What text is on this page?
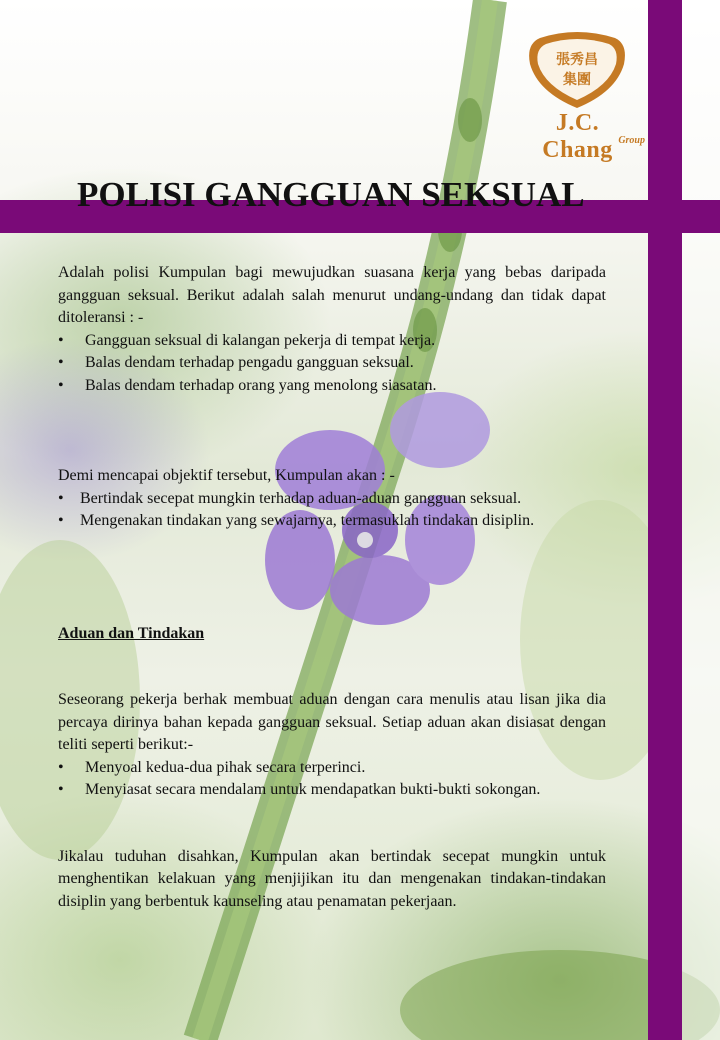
張秀昌
集團
J.C. Chang Group
POLISI GANGGUAN SEKSUAL

Adalah polisi Kumpulan bagi mewujudkan suasana kerja yang bebas daripada gangguan seksual. Berikut adalah salah menurut undang-undang dan tidak dapat ditoleransi : -

• Gangguan seksual di kalangan pekerja di tempat kerja.
• Balas dendam terhadap pengadu gangguan seksual.
• Balas dendam terhadap orang yang menolong siasatan.

Demi mencapai objektif tersebut, Kumpulan akan : -

• Bertindak secepat mungkin terhadap aduan-aduan gangguan seksual.
• Mengenakan tindakan yang sewajarnya, termasuklah tindakan disiplin.

Aduan dan Tindakan

Seseorang pekerja berhak membuat aduan dengan cara menulis atau lisan jika dia percaya dirinya bahan kepada gangguan seksual. Setiap aduan akan disiasat dengan teliti seperti berikut:-

• Menyoal kedua-dua pihak secara terperinci.
• Menyiasat secara mendalam untuk mendapatkan bukti-bukti sokongan.

Jikalau tuduhan disahkan, Kumpulan akan bertindak secepat mungkin untuk menghentikan kelakuan yang menjijikan itu dan mengenakan tindakan-tindakan disiplin yang berbentuk kaunseling atau penamatan pekerjaan.
